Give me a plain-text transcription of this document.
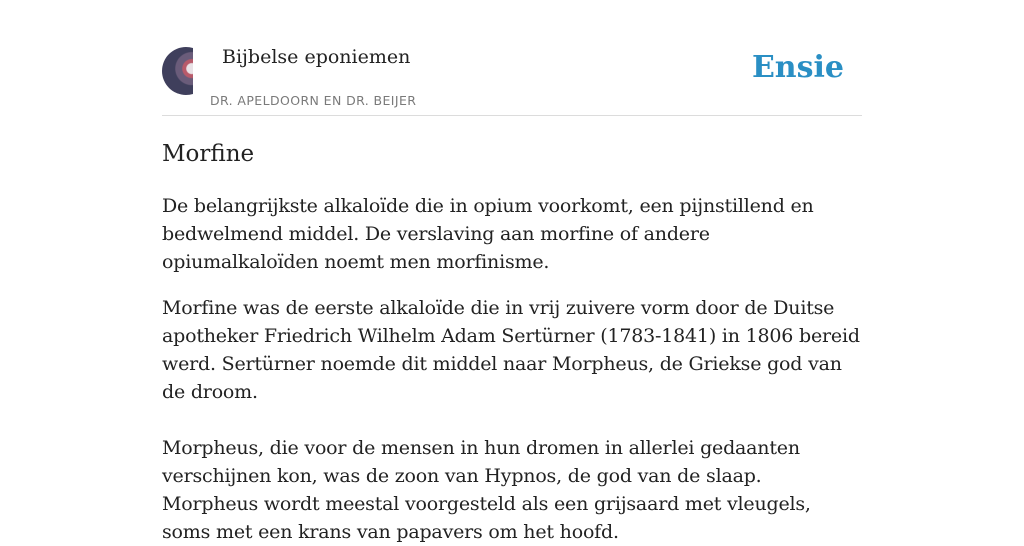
Bijbelse eponiemen
DR. APELDOORN EN DR. BEIJER
Ensie
Morfine

De belangrijkste alkaloïde die in opium voorkomt, een pijnstillend en bedwelmend middel. De verslaving aan morfine of andere opiumalkaloïden noemt men morfinisme.

Morfine was de eerste alkaloïde die in vrij zuivere vorm door de Duitse apotheker Friedrich Wilhelm Adam Sertürner (1783-1841) in 1806 bereid werd. Sertürner noemde dit middel naar Morpheus, de Griekse god van de droom.

Morpheus, die voor de mensen in hun dromen in allerlei gedaanten verschijnen kon, was de zoon van Hypnos, de god van de slaap. Morpheus wordt meestal voorgesteld als een grijsaard met vleugels, soms met een krans van papavers om het hoofd.
